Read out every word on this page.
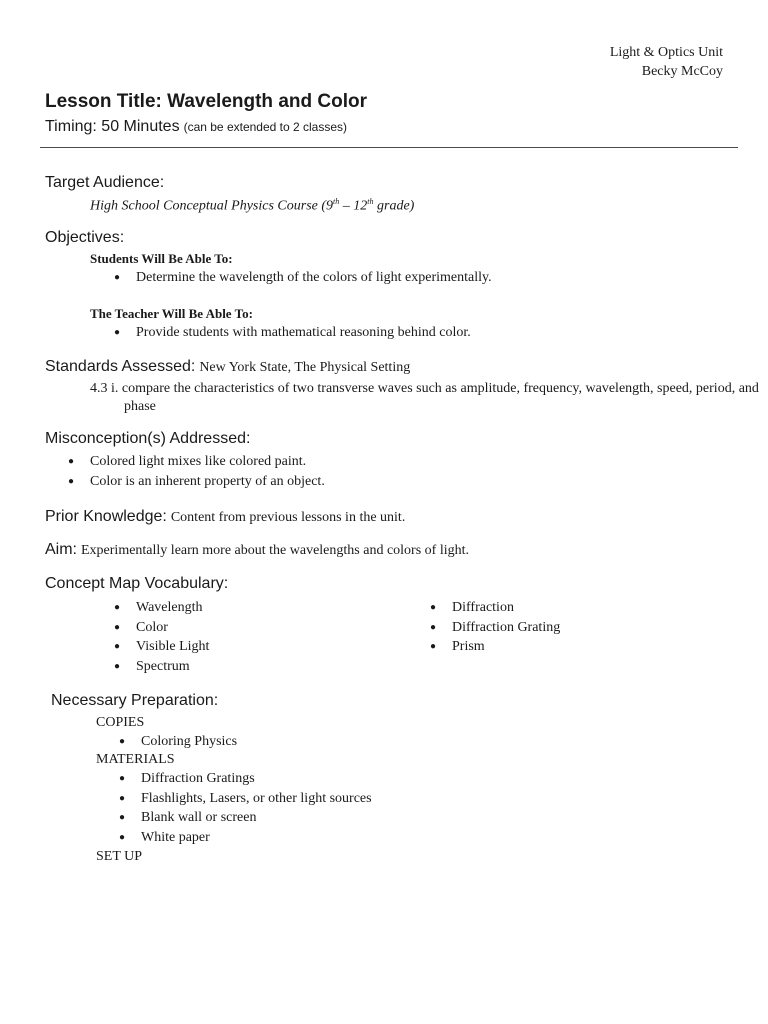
Light & Optics Unit
Becky McCoy
Lesson Title: Wavelength and Color
Timing: 50 Minutes (can be extended to 2 classes)
Target Audience:
High School Conceptual Physics Course (9th – 12th grade)
Objectives:
Students Will Be Able To:
● Determine the wavelength of the colors of light experimentally.
The Teacher Will Be Able To:
● Provide students with mathematical reasoning behind color.
Standards Assessed: New York State, The Physical Setting
4.3 i. compare the characteristics of two transverse waves such as amplitude, frequency, wavelength, speed, period, and phase
Misconception(s) Addressed:
● Colored light mixes like colored paint.
● Color is an inherent property of an object.
Prior Knowledge: Content from previous lessons in the unit.
Aim: Experimentally learn more about the wavelengths and colors of light.
Concept Map Vocabulary:
● Wavelength
● Color
● Visible Light
● Spectrum
● Diffraction
● Diffraction Grating
● Prism
Necessary Preparation:
COPIES
● Coloring Physics
MATERIALS
● Diffraction Gratings
● Flashlights, Lasers, or other light sources
● Blank wall or screen
● White paper
SET UP
